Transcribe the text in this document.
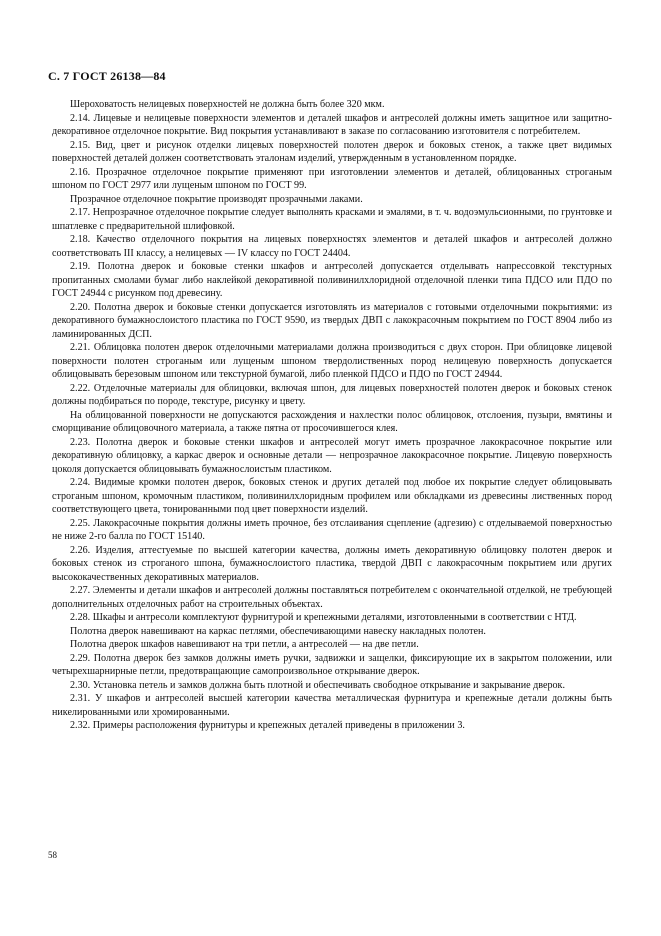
С. 7 ГОСТ 26138—84

Шероховатость нелицевых поверхностей не должна быть более 320 мкм.

2.14. Лицевые и нелицевые поверхности элементов и деталей шкафов и антресолей должны иметь защитное или защитно-декоративное отделочное покрытие. Вид покрытия устанавливают в заказе по согласованию изготовителя с потребителем.

2.15. Вид, цвет и рисунок отделки лицевых поверхностей полотен дверок и боковых стенок, а также цвет видимых поверхностей деталей должен соответствовать эталонам изделий, утвержденным в установленном порядке.

2.16. Прозрачное отделочное покрытие применяют при изготовлении элементов и деталей, облицованных строганым шпоном по ГОСТ 2977 или лущеным шпоном по ГОСТ 99.

Прозрачное отделочное покрытие производят прозрачными лаками.

2.17. Непрозрачное отделочное покрытие следует выполнять красками и эмалями, в т. ч. водоэмульсионными, по грунтовке и шпатлевке с предварительной шлифовкой.

2.18. Качество отделочного покрытия на лицевых поверхностях элементов и деталей шкафов и антресолей должно соответствовать III классу, а нелицевых — IV классу по ГОСТ 24404.

2.19. Полотна дверок и боковые стенки шкафов и антресолей допускается отделывать напрессовкой текстурных пропитанных смолами бумаг либо наклейкой декоративной поливинилхлоридной отделочной пленки типа ПДСО или ПДО по ГОСТ 24944 с рисунком под древесину.

2.20. Полотна дверок и боковые стенки допускается изготовлять из материалов с готовыми отделочными покрытиями: из декоративного бумажнослоистого пластика по ГОСТ 9590, из твердых ДВП с лакокрасочным покрытием по ГОСТ 8904 либо из ламинированных ДСП.

2.21. Облицовка полотен дверок отделочными материалами должна производиться с двух сторон. При облицовке лицевой поверхности полотен строганым или лущеным шпоном твердолиственных пород нелицевую поверхность допускается облицовывать березовым шпоном или текстурной бумагой, либо пленкой ПДСО и ПДО по ГОСТ 24944.

2.22. Отделочные материалы для облицовки, включая шпон, для лицевых поверхностей полотен дверок и боковых стенок должны подбираться по породе, текстуре, рисунку и цвету.

На облицованной поверхности не допускаются расхождения и нахлестки полос облицовок, отслоения, пузыри, вмятины и сморщивание облицовочного материала, а также пятна от просочившегося клея.

2.23. Полотна дверок и боковые стенки шкафов и антресолей могут иметь прозрачное лакокрасочное покрытие или декоративную облицовку, а каркас дверок и основные детали — непрозрачное лакокрасочное покрытие. Лицевую поверхность цоколя допускается облицовывать бумажнослоистым пластиком.

2.24. Видимые кромки полотен дверок, боковых стенок и других деталей под любое их покрытие следует облицовывать строганым шпоном, кромочным пластиком, поливинилхлоридным профилем или обкладками из древесины лиственных пород соответствующего цвета, тонированными под цвет поверхности изделий.

2.25. Лакокрасочные покрытия должны иметь прочное, без отслаивания сцепление (адгезию) с отделываемой поверхностью не ниже 2-го балла по ГОСТ 15140.

2.26. Изделия, аттестуемые по высшей категории качества, должны иметь декоративную облицовку полотен дверок и боковых стенок из строганого шпона, бумажнослоистого пластика, твердой ДВП с лакокрасочным покрытием или других высококачественных декоративных материалов.

2.27. Элементы и детали шкафов и антресолей должны поставляться потребителем с окончательной отделкой, не требующей дополнительных отделочных работ на строительных объектах.

2.28. Шкафы и антресоли комплектуют фурнитурой и крепежными деталями, изготовленными в соответствии с НТД.

Полотна дверок навешивают на каркас петлями, обеспечивающими навеску накладных полотен.

Полотна дверок шкафов навешивают на три петли, а антресолей — на две петли.

2.29. Полотна дверок без замков должны иметь ручки, задвижки и защелки, фиксирующие их в закрытом положении, или четырехшарнирные петли, предотвращающие самопроизвольное открывание дверок.

2.30. Установка петель и замков должна быть плотной и обеспечивать свободное открывание и закрывание дверок.

2.31. У шкафов и антресолей высшей категории качества металлическая фурнитура и крепежные детали должны быть никелированными или хромированными.

2.32. Примеры расположения фурнитуры и крепежных деталей приведены в приложении 3.

58
